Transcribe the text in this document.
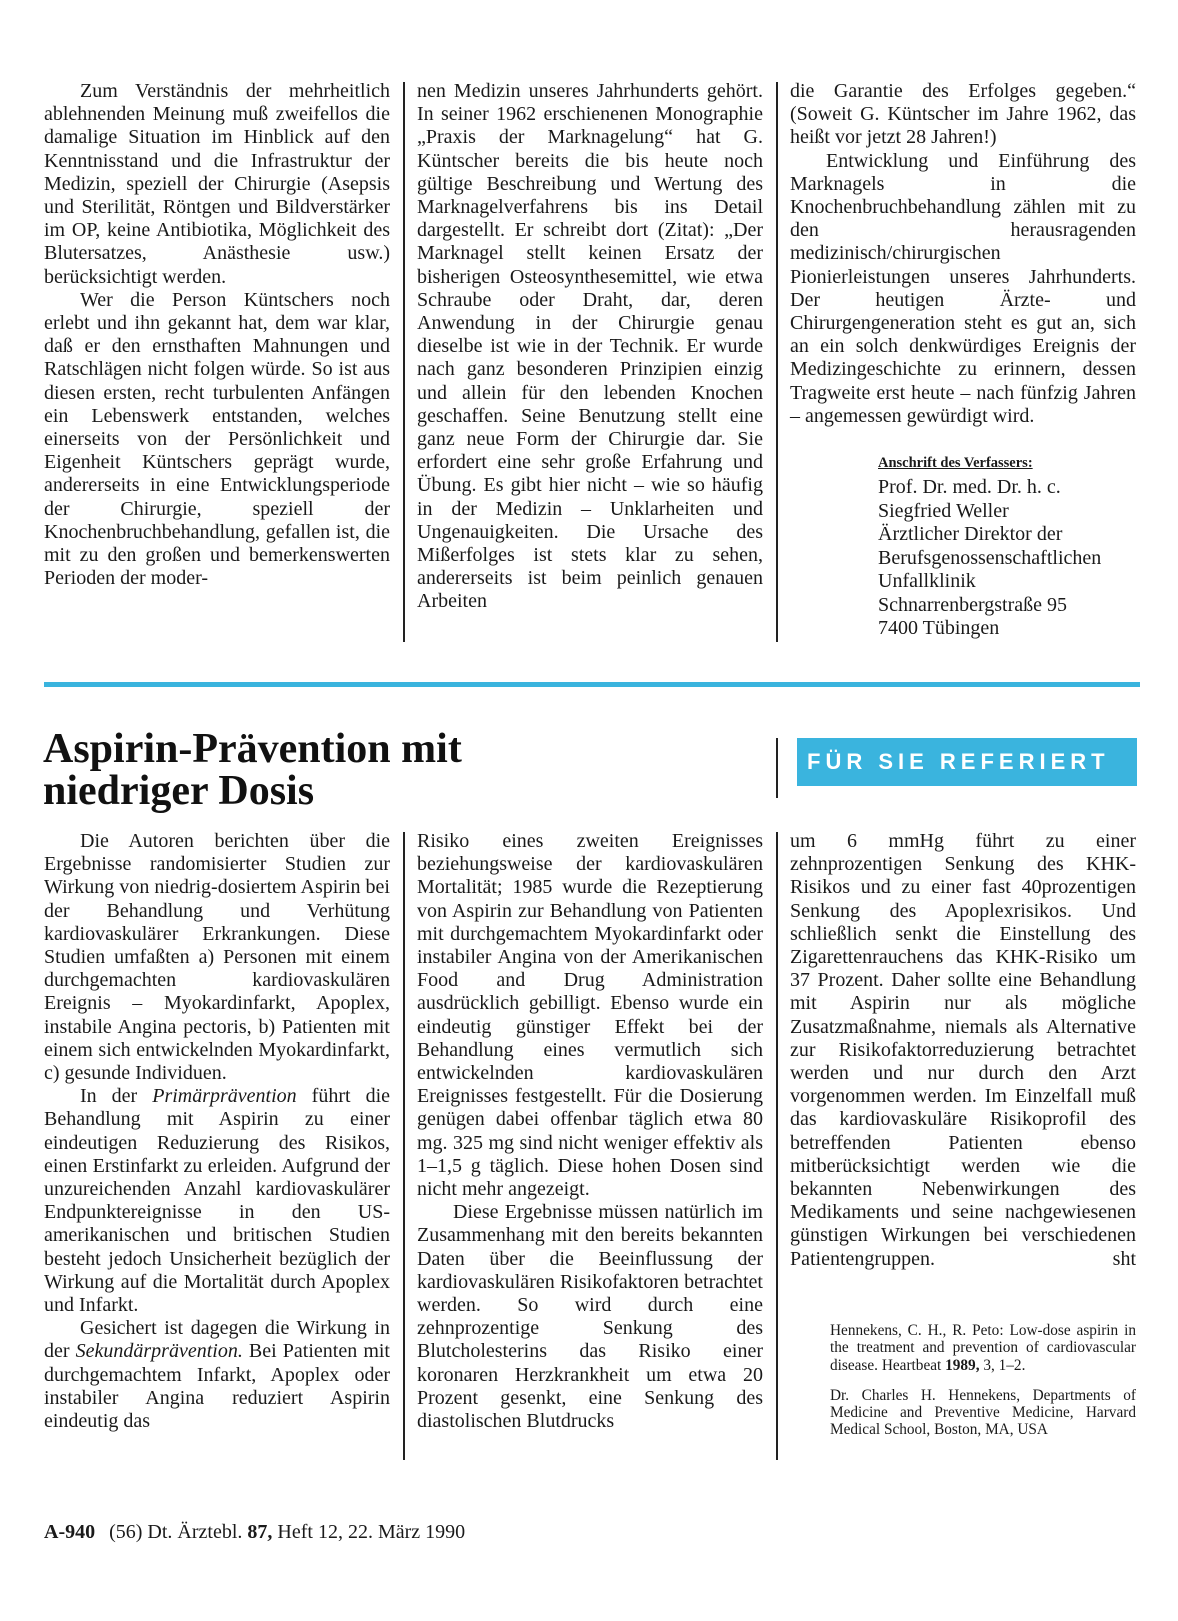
Zum Verständnis der mehrheitlich ablehnenden Meinung muß zweifellos die damalige Situation im Hinblick auf den Kenntnisstand und die Infrastruktur der Medizin, speziell der Chirurgie (Asepsis und Sterilität, Röntgen und Bildverstärker im OP, keine Antibiotika, Möglichkeit des Blutersatzes, Anästhesie usw.) berücksichtigt werden.

Wer die Person Küntschers noch erlebt und ihn gekannt hat, dem war klar, daß er den ernsthaften Mahnungen und Ratschlägen nicht folgen würde. So ist aus diesen ersten, recht turbulenten Anfängen ein Lebenswerk entstanden, welches einerseits von der Persönlichkeit und Eigenheit Küntschers geprägt wurde, andererseits in eine Entwicklungsperiode der Chirurgie, speziell der Knochenbruchbehandlung, gefallen ist, die mit zu den großen und bemerkenswerten Perioden der moder-

nen Medizin unseres Jahrhunderts gehört. In seiner 1962 erschienenen Monographie „Praxis der Marknagelung“ hat G. Küntscher bereits die bis heute noch gültige Beschreibung und Wertung des Marknagelverfahrens bis ins Detail dargestellt. Er schreibt dort (Zitat): „Der Marknagel stellt keinen Ersatz der bisherigen Osteosynthesemittel, wie etwa Schraube oder Draht, dar, deren Anwendung in der Chirurgie genau dieselbe ist wie in der Technik. Er wurde nach ganz besonderen Prinzipien einzig und allein für den lebenden Knochen geschaffen. Seine Benutzung stellt eine ganz neue Form der Chirurgie dar. Sie erfordert eine sehr große Erfahrung und Übung. Es gibt hier nicht – wie so häufig in der Medizin – Unklarheiten und Ungenauigkeiten. Die Ursache des Mißerfolges ist stets klar zu sehen, andererseits ist beim peinlich genauen Arbeiten

die Garantie des Erfolges gegeben.“ (Soweit G. Küntscher im Jahre 1962, das heißt vor jetzt 28 Jahren!)

Entwicklung und Einführung des Marknagels in die Knochenbruchbehandlung zählen mit zu den herausragenden medizinisch/chirurgischen Pionierleistungen unseres Jahrhunderts. Der heutigen Ärzte- und Chirurgengeneration steht es gut an, sich an ein solch denkwürdiges Ereignis der Medizingeschichte zu erinnern, dessen Tragweite erst heute – nach fünfzig Jahren – angemessen gewürdigt wird.

Anschrift des Verfassers:
Prof. Dr. med. Dr. h. c.
Siegfried Weller
Ärztlicher Direktor der
Berufsgenossenschaftlichen
Unfallklinik
Schnarrenbergstraße 95
7400 Tübingen
Aspirin-Prävention mit
niedriger Dosis
FÜR SIE REFERIERT

Die Autoren berichten über die Ergebnisse randomisierter Studien zur Wirkung von niedrig-dosiertem Aspirin bei der Behandlung und Verhütung kardiovaskulärer Erkrankungen. Diese Studien umfaßten a) Personen mit einem durchgemachten kardiovaskulären Ereignis – Myokardinfarkt, Apoplex, instabile Angina pectoris, b) Patienten mit einem sich entwickelnden Myokardinfarkt, c) gesunde Individuen.

In der Primärprävention führt die Behandlung mit Aspirin zu einer eindeutigen Reduzierung des Risikos, einen Erstinfarkt zu erleiden. Aufgrund der unzureichenden Anzahl kardiovaskulärer Endpunktereignisse in den US-amerikanischen und britischen Studien besteht jedoch Unsicherheit bezüglich der Wirkung auf die Mortalität durch Apoplex und Infarkt.

Gesichert ist dagegen die Wirkung in der Sekundärprävention. Bei Patienten mit durchgemachtem Infarkt, Apoplex oder instabiler Angina reduziert Aspirin eindeutig das

Risiko eines zweiten Ereignisses beziehungsweise der kardiovaskulären Mortalität; 1985 wurde die Rezeptierung von Aspirin zur Behandlung von Patienten mit durchgemachtem Myokardinfarkt oder instabiler Angina von der Amerikanischen Food and Drug Administration ausdrücklich gebilligt. Ebenso wurde ein eindeutig günstiger Effekt bei der Behandlung eines vermutlich sich entwickelnden kardiovaskulären Ereignisses festgestellt. Für die Dosierung genügen dabei offenbar täglich etwa 80 mg. 325 mg sind nicht weniger effektiv als 1–1,5 g täglich. Diese hohen Dosen sind nicht mehr angezeigt.

Diese Ergebnisse müssen natürlich im Zusammenhang mit den bereits bekannten Daten über die Beeinflussung der kardiovaskulären Risikofaktoren betrachtet werden. So wird durch eine zehnprozentige Senkung des Blutcholesterins das Risiko einer koronaren Herzkrankheit um etwa 20 Prozent gesenkt, eine Senkung des diastolischen Blutdrucks

um 6 mmHg führt zu einer zehnprozentigen Senkung des KHK-Risikos und zu einer fast 40prozentigen Senkung des Apoplexrisikos. Und schließlich senkt die Einstellung des Zigarettenrauchens das KHK-Risiko um 37 Prozent. Daher sollte eine Behandlung mit Aspirin nur als mögliche Zusatzmaßnahme, niemals als Alternative zur Risikofaktorreduzierung betrachtet werden und nur durch den Arzt vorgenommen werden. Im Einzelfall muß das kardiovaskuläre Risikoprofil des betreffenden Patienten ebenso mitberücksichtigt werden wie die bekannten Nebenwirkungen des Medikaments und seine nachgewiesenen günstigen Wirkungen bei verschiedenen Patientengruppen.	sht

Hennekens, C. H., R. Peto: Low-dose aspirin in the treatment and prevention of cardiovascular disease. Heartbeat 1989, 3, 1–2.

Dr. Charles H. Hennekens, Departments of Medicine and Preventive Medicine, Harvard Medical School, Boston, MA, USA

A-940 (56) Dt. Ärztebl. 87, Heft 12, 22. März 1990
